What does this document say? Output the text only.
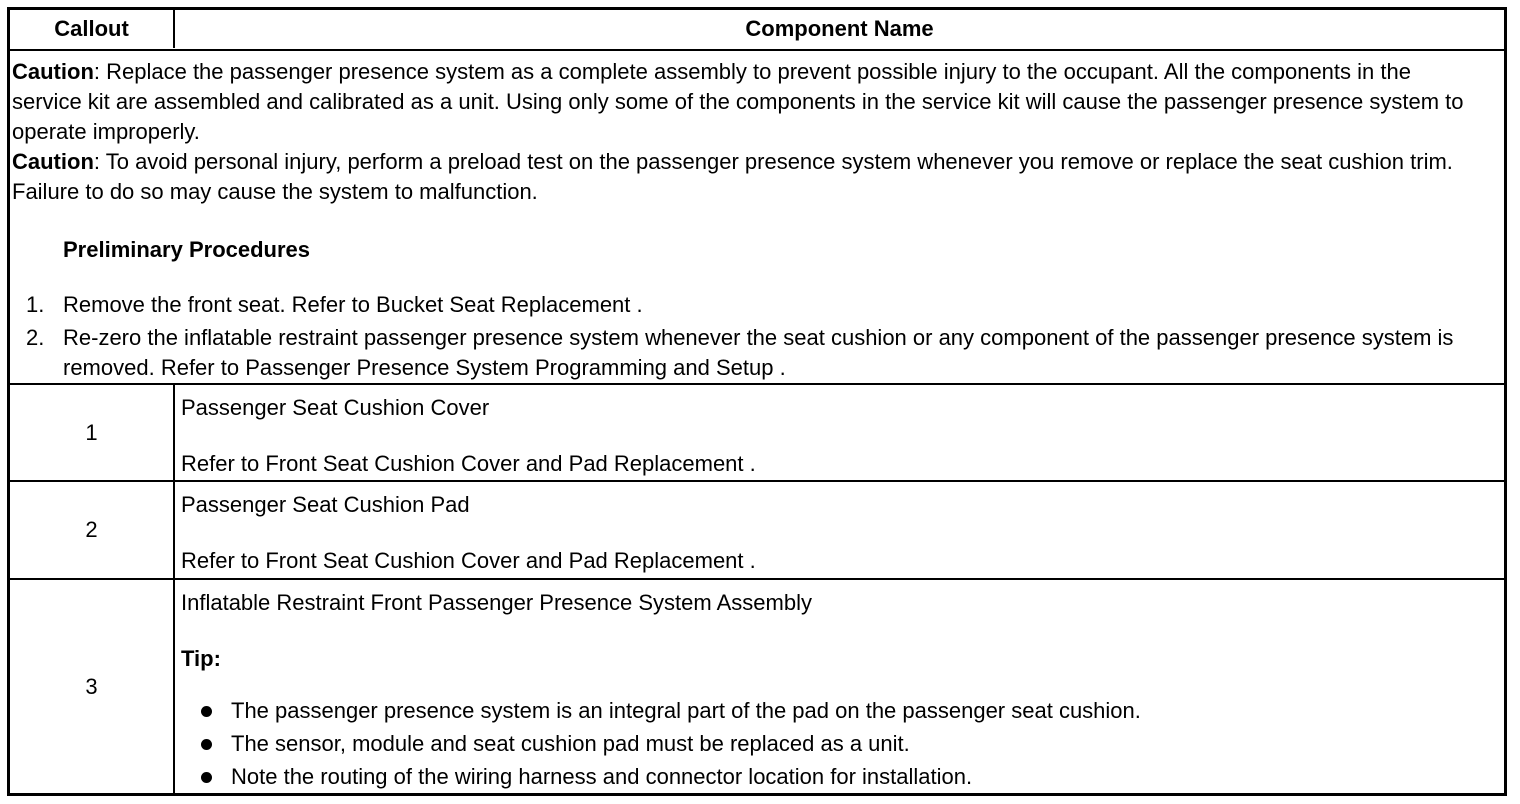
Callout	Component Name
Caution: Replace the passenger presence system as a complete assembly to prevent possible injury to the occupant. All the components in the service kit are assembled and calibrated as a unit. Using only some of the components in the service kit will cause the passenger presence system to operate improperly.
Caution: To avoid personal injury, perform a preload test on the passenger presence system whenever you remove or replace the seat cushion trim. Failure to do so may cause the system to malfunction.
Preliminary Procedures
1. Remove the front seat. Refer to Bucket Seat Replacement .
2. Re-zero the inflatable restraint passenger presence system whenever the seat cushion or any component of the passenger presence system is removed. Refer to Passenger Presence System Programming and Setup .
1
Passenger Seat Cushion Cover
Refer to Front Seat Cushion Cover and Pad Replacement .
2
Passenger Seat Cushion Pad
Refer to Front Seat Cushion Cover and Pad Replacement .
3
Inflatable Restraint Front Passenger Presence System Assembly
Tip:
The passenger presence system is an integral part of the pad on the passenger seat cushion.
The sensor, module and seat cushion pad must be replaced as a unit.
Note the routing of the wiring harness and connector location for installation.
